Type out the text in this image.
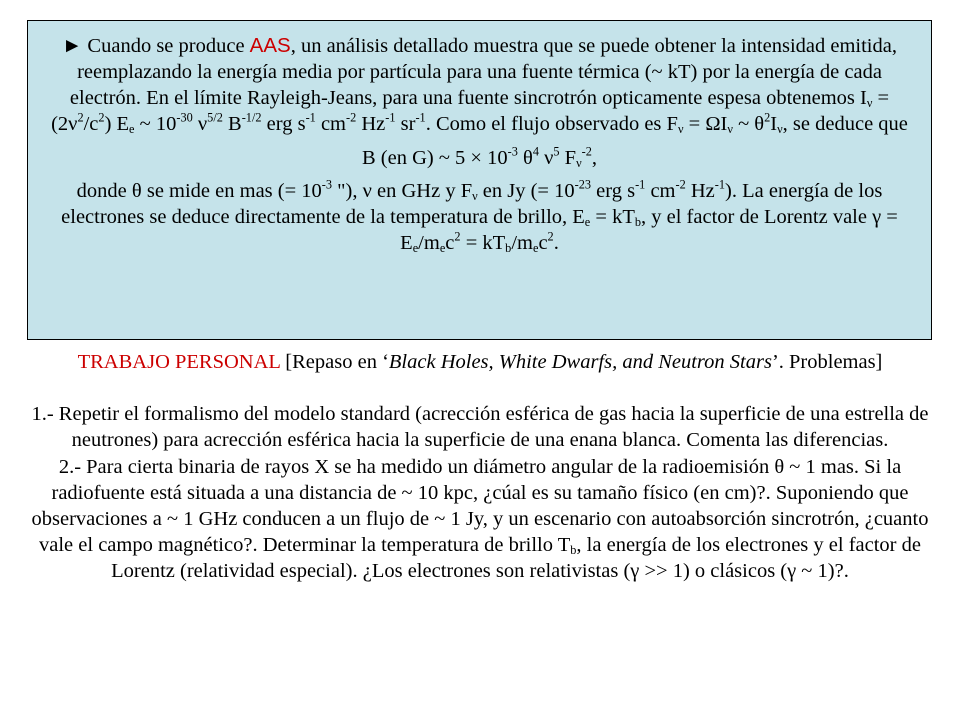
► Cuando se produce AAS, un análisis detallado muestra que se puede obtener la intensidad emitida, reemplazando la energía media por partícula para una fuente térmica (~ kT) por la energía de cada electrón. En el límite Rayleigh-Jeans, para una fuente sincrotrón opticamente espesa obtenemos $I_\nu = (2\nu^2/c^2)$ $E_e$ ~ $10^{-30}$ $\nu^{5/2}$ $B^{-1/2}$ erg $s^{-1}$ $cm^{-2}$ $Hz^{-1}$ $sr^{-1}$. Como el flujo observado es $F_\nu = \Omega I_\nu$ ~ $\theta^2I_\nu$, se deduce que

B (en G) ~ $5 \times 10^{-3}$ $\theta^4$ $\nu^5$ $F_\nu^{-2}$,

donde θ se mide en mas (= $10^{-3}$ "), ν en GHz y $F_\nu$ en Jy (= $10^{-23}$ erg $s^{-1}$ $cm^{-2}$ $Hz^{-1}$). La energía de los electrones se deduce directamente de la temperatura de brillo, $E_e = kT_b$, y el factor de Lorentz vale $\gamma = E_e/m_ec^2 = kT_b/m_ec^2$.

TRABAJO PERSONAL [Repaso en ‘Black Holes, White Dwarfs, and Neutron Stars’. Problemas]

1.- Repetir el formalismo del modelo standard (acrección esférica de gas hacia la superficie de una estrella de neutrones) para acrección esférica hacia la superficie de una enana blanca. Comenta las diferencias.

2.- Para cierta binaria de rayos X se ha medido un diámetro angular de la radioemisión θ ~ 1 mas. Si la radiofuente está situada a una distancia de ~ 10 kpc, ¿cúal es su tamaño físico (en cm)?. Suponiendo que observaciones a ~ 1 GHz conducen a un flujo de ~ 1 Jy, y un escenario con autoabsorción sincrotrón, ¿cuanto vale el campo magnético?. Determinar la temperatura de brillo $T_b$, la energía de los electrones y el factor de Lorentz (relatividad especial). ¿Los electrones son relativistas (γ >> 1) o clásicos (γ ~ 1)?.
